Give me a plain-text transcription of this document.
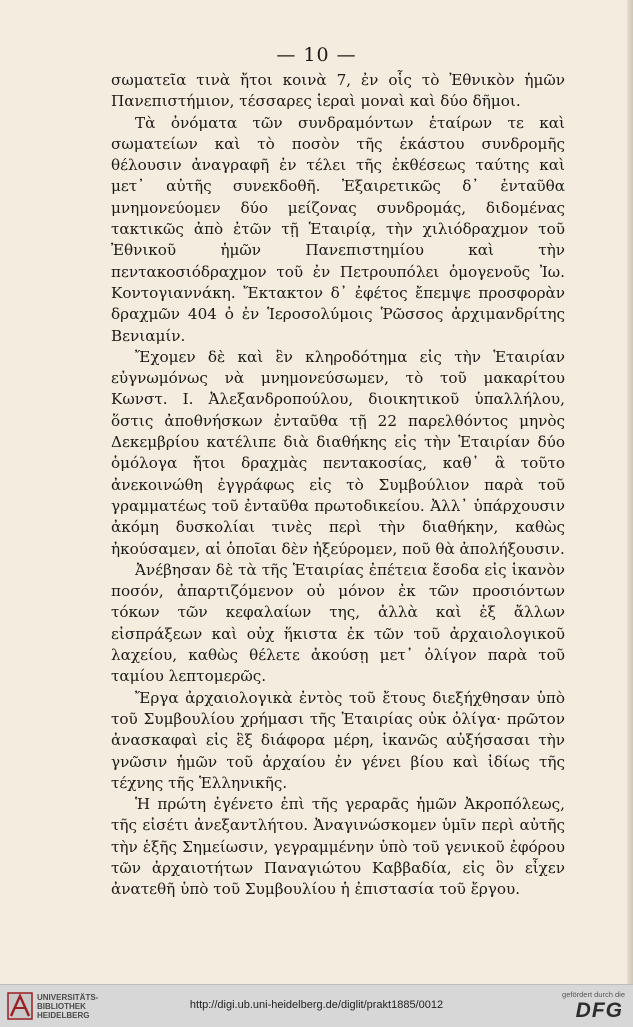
— 10 —

σωματεῖα τινὰ ἤτοι κοινὰ 7, ἐν οἷς τὸ Ἐθνικὸν ἡμῶν Πανεπιστήμιον, τέσσαρες ἱεραὶ μοναὶ καὶ δύο δῆμοι.

Τὰ ὀνόματα τῶν συνδραμόντων ἑταίρων τε καὶ σωματείων καὶ τὸ ποσὸν τῆς ἑκάστου συνδρομῆς θέλουσιν ἀναγραφῆ ἐν τέλει τῆς ἐκθέσεως ταύτης καὶ μετ᾽ αὐτῆς συνεκδοθῆ. Ἐξαιρετικῶς δ᾽ ἐνταῦθα μνημονεύομεν δύο μείζονας συνδρομάς, διδομένας τακτικῶς ἀπὸ ἐτῶν τῇ Ἑταιρίᾳ, τὴν χιλιόδραχμον τοῦ Ἐθνικοῦ ἡμῶν Πανεπιστημίου καὶ τὴν πεντακοσιόδραχμον τοῦ ἐν Πετρουπόλει ὁμογενοῦς Ἰω. Κοντογιαννάκη. Ἔκτακτον δ᾽ ἐφέτος ἔπεμψε προσφορὰν δραχμῶν 404 ὁ ἐν Ἱεροσολύμοις Ῥῶσσος ἀρχιμανδρίτης Βενιαμίν.

Ἔχομεν δὲ καὶ ἓν κληροδότημα εἰς τὴν Ἑταιρίαν εὐγνωμόνως νὰ μνημονεύσωμεν, τὸ τοῦ μακαρίτου Κωνστ. Ι. Ἀλεξανδροπούλου, διοικητικοῦ ὑπαλλήλου, ὅστις ἀποθνήσκων ἐνταῦθα τῇ 22 παρελθόντος μηνὸς Δεκεμβρίου κατέλιπε διὰ διαθήκης εἰς τὴν Ἑταιρίαν δύο ὁμόλογα ἤτοι δραχμὰς πεντακοσίας, καθ᾽ ἃ τοῦτο ἀνεκοινώθη ἐγγράφως εἰς τὸ Συμβούλιον παρὰ τοῦ γραμματέως τοῦ ἐνταῦθα πρωτοδικείου. Ἀλλ᾽ ὑπάρχουσιν ἀκόμη δυσκολίαι τινὲς περὶ τὴν διαθήκην, καθὼς ἠκούσαμεν, αἱ ὁποῖαι δὲν ἠξεύρομεν, ποῦ θὰ ἀπολήξουσιν.

Ἀνέβησαν δὲ τὰ τῆς Ἑταιρίας ἐπέτεια ἔσοδα εἰς ἱκανὸν ποσόν, ἀπαρτιζόμενον οὐ μόνον ἐκ τῶν προσιόντων τόκων τῶν κεφαλαίων της, ἀλλὰ καὶ ἐξ ἄλλων εἰσπράξεων καὶ οὐχ ἥκιστα ἐκ τῶν τοῦ ἀρχαιολογικοῦ λαχείου, καθὼς θέλετε ἀκούσῃ μετ᾽ ὀλίγον παρὰ τοῦ ταμίου λεπτομερῶς.

Ἔργα ἀρχαιολογικὰ ἐντὸς τοῦ ἔτους διεξήχθησαν ὑπὸ τοῦ Συμβουλίου χρήμασι τῆς Ἑταιρίας οὐκ ὀλίγα· πρῶτον ἀνασκαφαὶ εἰς ἓξ διάφορα μέρη, ἱκανῶς αὐξήσασαι τὴν γνῶσιν ἡμῶν τοῦ ἀρχαίου ἐν γένει βίου καὶ ἰδίως τῆς τέχνης τῆς Ἑλληνικῆς.

Ἡ πρώτη ἐγένετο ἐπὶ τῆς γεραρᾶς ἡμῶν Ἀκροπόλεως, τῆς εἰσέτι ἀνεξαντλήτου. Ἀναγινώσκομεν ὑμῖν περὶ αὐτῆς τὴν ἑξῆς Σημείωσιν, γεγραμμένην ὑπὸ τοῦ γενικοῦ ἐφόρου τῶν ἀρχαιοτήτων Παναγιώτου Καββαδία, εἰς ὃν εἶχεν ἀνατεθῆ ὑπὸ τοῦ Συμβουλίου ἡ ἐπιστασία τοῦ ἔργου.

UNIVERSITÄTS-
BIBLIOTHEK
HEIDELBERG
http://digi.ub.uni-heidelberg.de/diglit/prakt1885/0012
gefördert durch die
DFG
